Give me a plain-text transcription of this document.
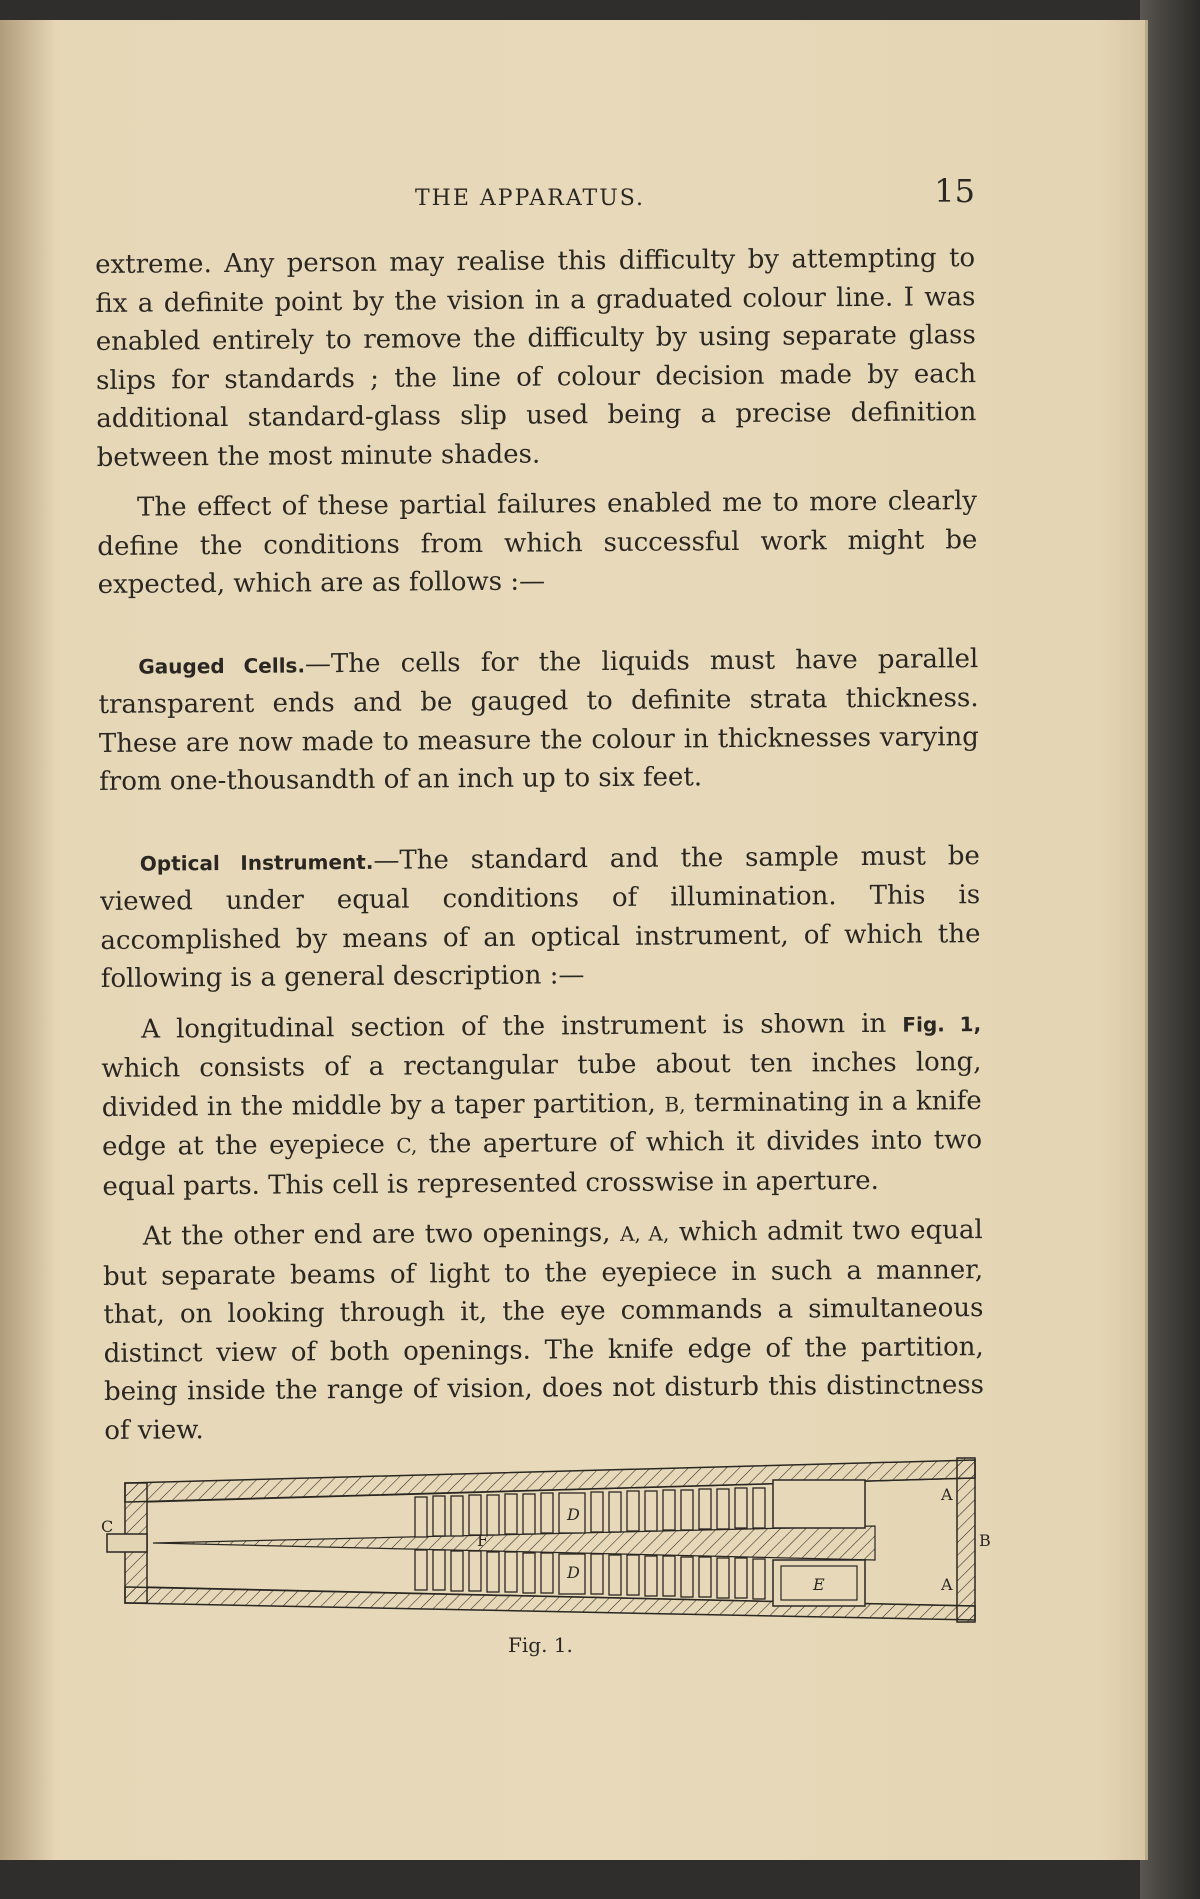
THE APPARATUS.	15

extreme. Any person may realise this difficulty by attempting to fix a definite point by the vision in a graduated colour line. I was enabled entirely to remove the difficulty by using separate glass slips for standards ; the line of colour decision made by each additional standard-glass slip used being a precise definition between the most minute shades.

The effect of these partial failures enabled me to more clearly define the conditions from which successful work might be expected, which are as follows :—

Gauged Cells.—The cells for the liquids must have parallel transparent ends and be gauged to definite strata thickness. These are now made to measure the colour in thicknesses varying from one-thousandth of an inch up to six feet.

Optical Instrument.—The standard and the sample must be viewed under equal conditions of illumination. This is accomplished by means of an optical instrument, of which the following is a general description :—

A longitudinal section of the instrument is shown in Fig. 1, which consists of a rectangular tube about ten inches long, divided in the middle by a taper partition, B, terminating in a knife edge at the eyepiece C, the aperture of which it divides into two equal parts. This cell is represented crosswise in aperture.

At the other end are two openings, A, A, which admit two equal but separate beams of light to the eyepiece in such a manner, that, on looking through it, the eye commands a simultaneous distinct view of both openings. The knife edge of the partition, being inside the range of vision, does not disturb this distinctness of view.

C
D
D
F
E
A
A
B
Fig. 1.
